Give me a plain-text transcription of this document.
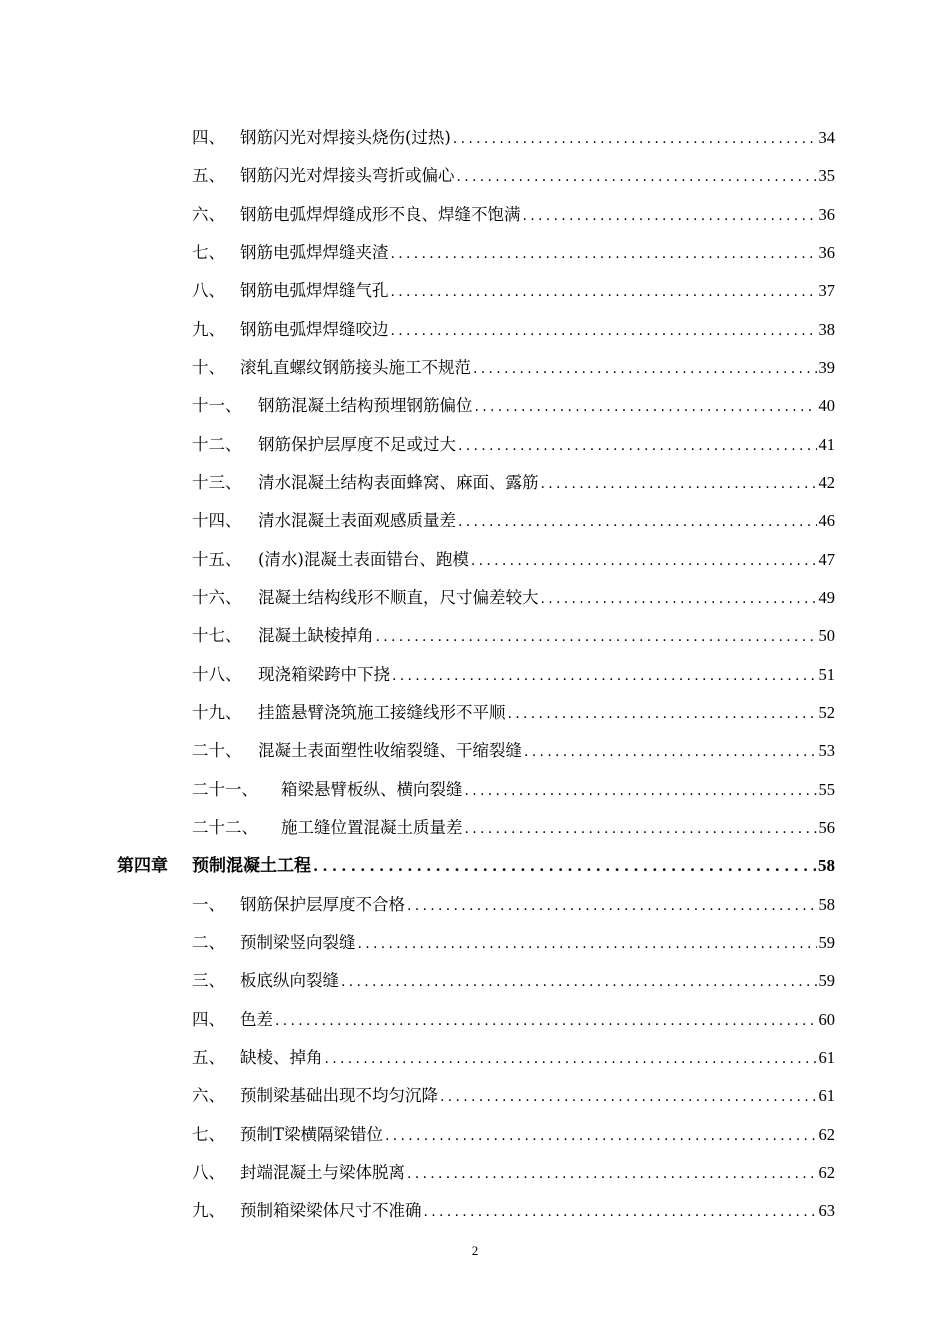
四、 钢筋闪光对焊接头烧伤(过热) .....	34
五、 钢筋闪光对焊接头弯折或偏心 .....	35
六、 钢筋电弧焊焊缝成形不良、焊缝不饱满 .....	36
七、 钢筋电弧焊焊缝夹渣 .....	36
八、 钢筋电弧焊焊缝气孔 .....	37
九、 钢筋电弧焊焊缝咬边 .....	38
十、 滚轧直螺纹钢筋接头施工不规范 .....	39
十一、	钢筋混凝土结构预埋钢筋偏位 .....	40
十二、	钢筋保护层厚度不足或过大 .....	41
十三、	清水混凝土结构表面蜂窝、麻面、露筋 .....	42
十四、	清水混凝土表面观感质量差 .....	46
十五、	(清水)混凝土表面错台、跑模 .....	47
十六、	混凝土结构线形不顺直，尺寸偏差较大 .....	49
十七、	混凝土缺棱掉角 .....	50
十八、	现浇箱梁跨中下挠 .....	51
十九、	挂篮悬臂浇筑施工接缝线形不平顺 .....	52
二十、	混凝土表面塑性收缩裂缝、干缩裂缝 .....	53
二十一、	箱梁悬臂板纵、横向裂缝 .....	55
二十二、	施工缝位置混凝土质量差 .....	56
第四章	预制混凝土工程 .....	58
一、 钢筋保护层厚度不合格 .....	58
二、 预制梁竖向裂缝 .....	59
三、 板底纵向裂缝 .....	59
四、 色差 .....	60
五、 缺棱、掉角 .....	61
六、 预制梁基础出现不均匀沉降 .....	61
七、 预制T梁横隔梁错位 .....	62
八、 封端混凝土与梁体脱离 .....	62
九、 预制箱梁梁体尺寸不准确 .....	63
2
